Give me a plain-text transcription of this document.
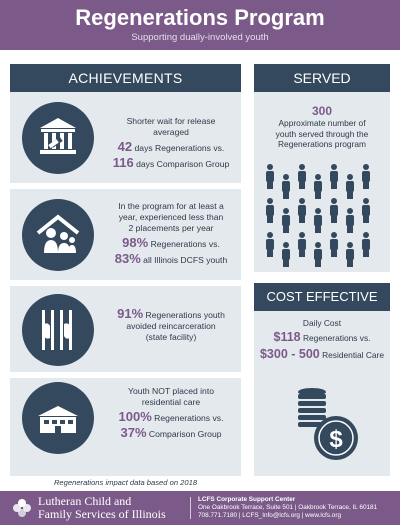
Regenerations Program
Supporting dually-involved youth
ACHIEVEMENTS
Shorter wait for release
averaged
42 days Regenerations vs.
116 days Comparison Group
In the program for at least a
year, experienced less than
2 placements per year
98% Regenerations vs.
83% all Illinois DCFS youth
91% Regenerations youth
avoided reincarceration
(state facility)
Youth NOT placed into
residential care
100% Regenerations vs.
37% Comparison Group
Regenerations impact data based on 2018
SERVED
300
Approximate number of
youth served through the
Regenerations program
COST EFFECTIVE
Daily Cost
$118 Regenerations vs.
$300 - 500 Residential Care
$
Lutheran Child and
Family Services of Illinois
LCFS Corporate Support Center
One Oakbrook Terrace, Suite 501 | Oakbrook Terrace, IL 60181
708.771.7180 | LCFS_Info@lcfs.org | www.lcfs.org
